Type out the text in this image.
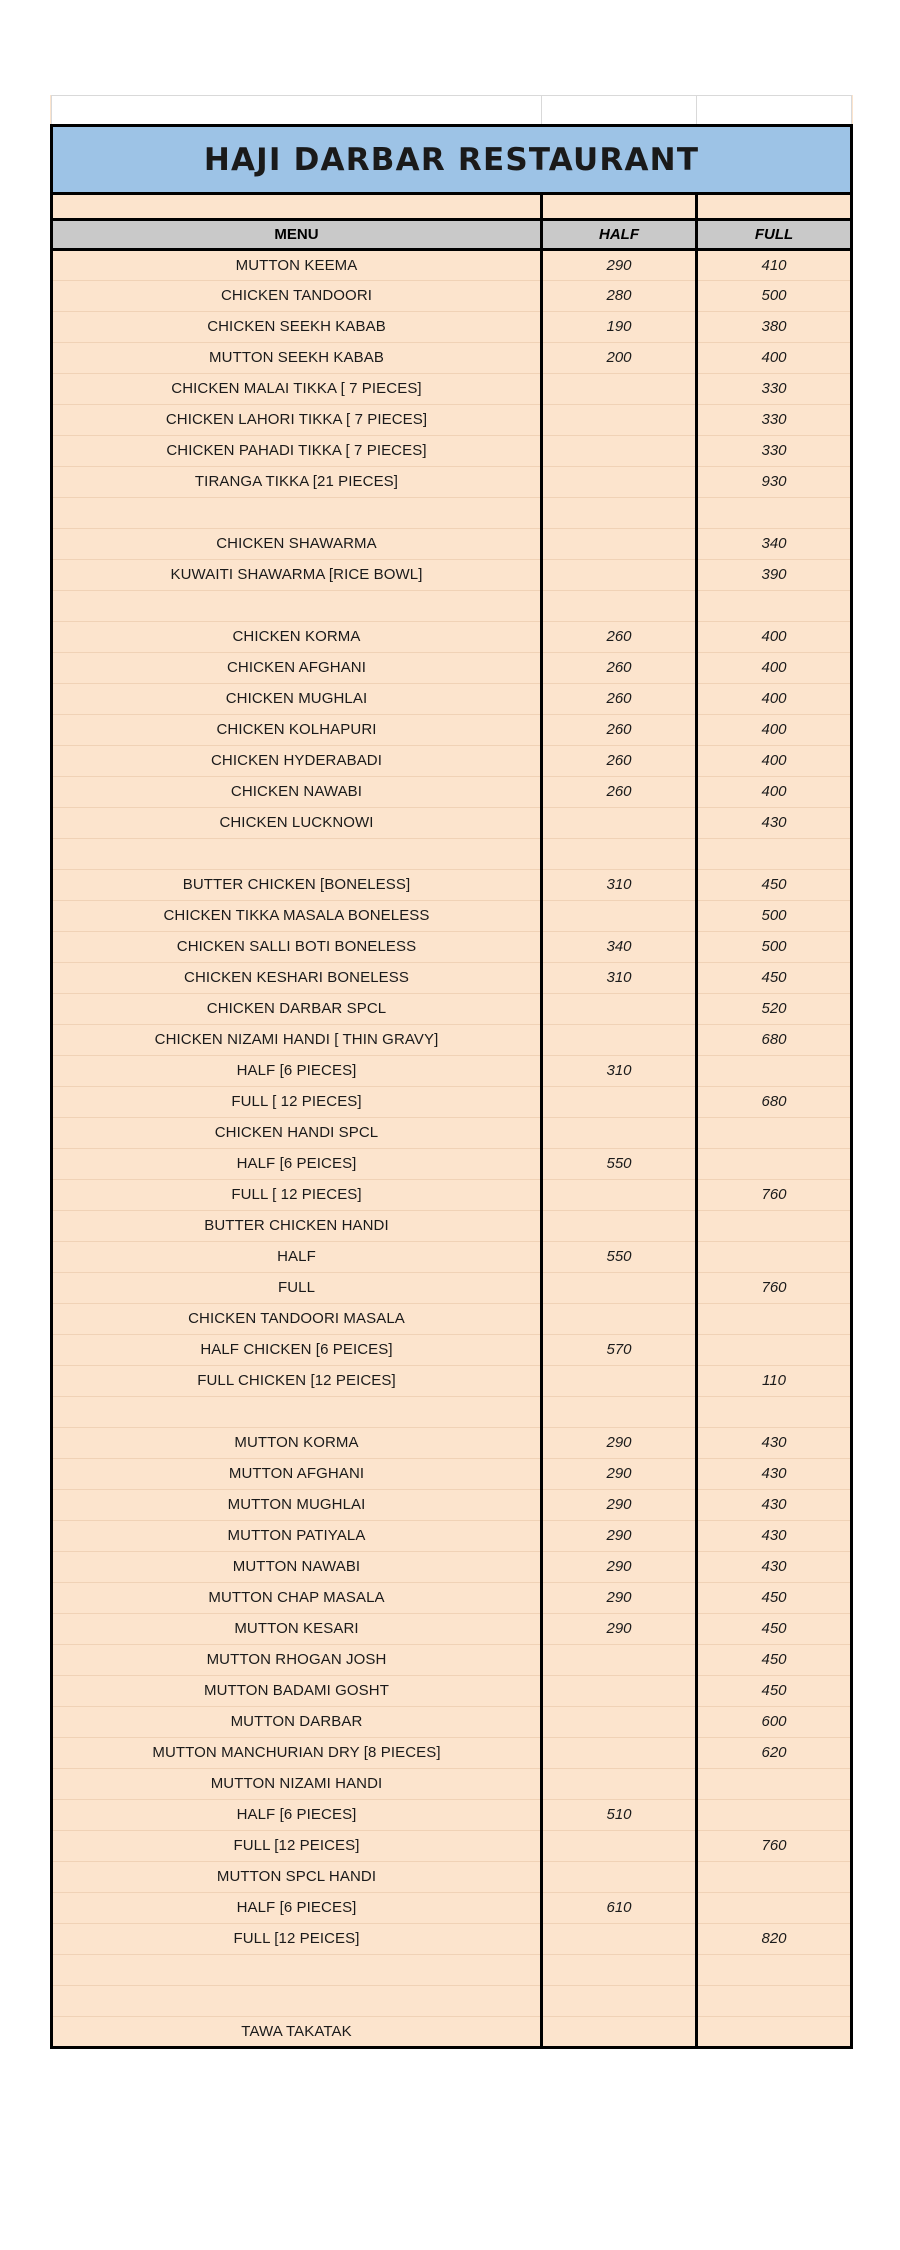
HAJI DARBAR RESTAURANT		

MENU	HALF	FULL
MUTTON KEEMA	290	410
CHICKEN TANDOORI	280	500
CHICKEN SEEKH KABAB	190	380
MUTTON SEEKH KABAB	200	400
CHICKEN MALAI TIKKA [ 7 PIECES]		330
CHICKEN LAHORI TIKKA [ 7 PIECES]		330
CHICKEN PAHADI TIKKA [ 7 PIECES]		330
TIRANGA TIKKA [21 PIECES]		930

CHICKEN SHAWARMA		340
KUWAITI SHAWARMA [RICE BOWL]		390

CHICKEN KORMA	260	400
CHICKEN AFGHANI	260	400
CHICKEN MUGHLAI	260	400
CHICKEN KOLHAPURI	260	400
CHICKEN HYDERABADI	260	400
CHICKEN NAWABI	260	400
CHICKEN LUCKNOWI		430

BUTTER CHICKEN [BONELESS]	310	450
CHICKEN TIKKA MASALA BONELESS		500
CHICKEN SALLI BOTI BONELESS	340	500
CHICKEN KESHARI BONELESS	310	450
CHICKEN DARBAR SPCL		520
CHICKEN NIZAMI HANDI [ THIN GRAVY]		680
HALF [6 PIECES]	310	
FULL [ 12 PIECES]		680
CHICKEN HANDI SPCL		
HALF [6 PEICES]	550	
FULL [ 12 PIECES]		760
BUTTER CHICKEN HANDI		
HALF	550	
FULL		760
CHICKEN TANDOORI MASALA		
HALF CHICKEN [6 PEICES]	570	
FULL CHICKEN [12 PEICES]		110

MUTTON KORMA	290	430
MUTTON AFGHANI	290	430
MUTTON MUGHLAI	290	430
MUTTON PATIYALA	290	430
MUTTON NAWABI	290	430
MUTTON CHAP MASALA	290	450
MUTTON KESARI	290	450
MUTTON RHOGAN JOSH		450
MUTTON BADAMI GOSHT		450
MUTTON DARBAR		600
MUTTON MANCHURIAN DRY [8 PIECES]		620
MUTTON NIZAMI HANDI		
HALF [6 PIECES]	510	
FULL [12 PEICES]		760
MUTTON SPCL HANDI		
HALF [6 PIECES]	610	
FULL [12 PEICES]		820

TAWA TAKATAK		
